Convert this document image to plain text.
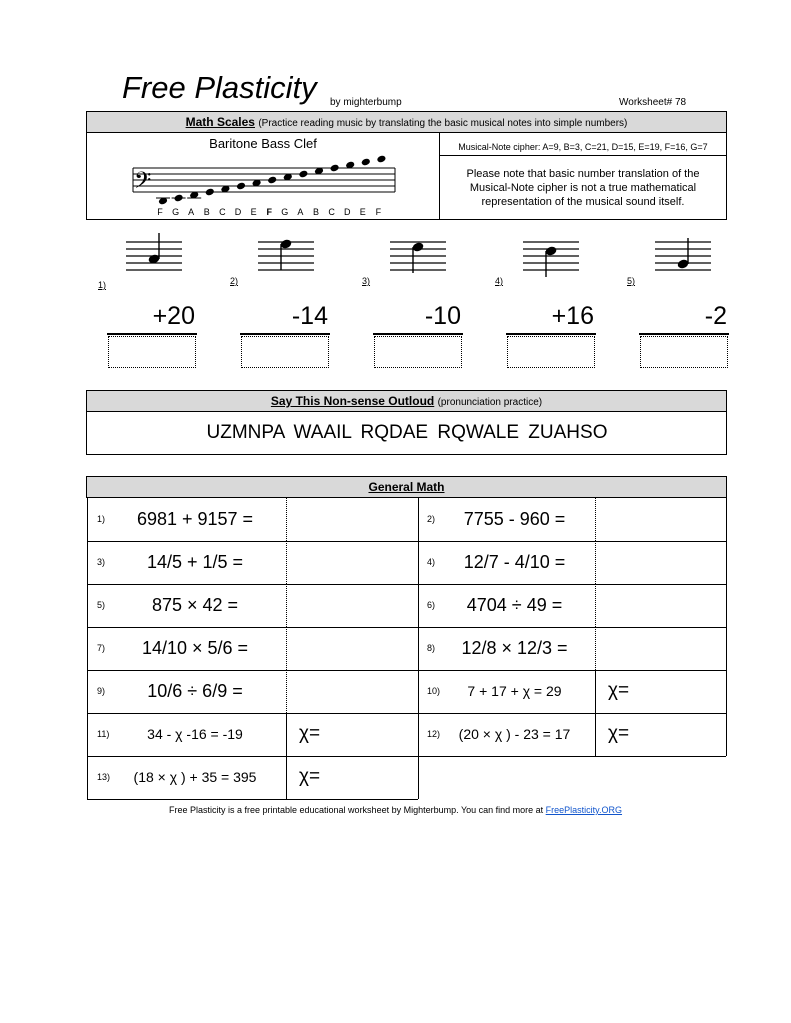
Free Plasticity by mighterbump	Worksheet# 78
Math Scales (Practice reading music by translating the basic musical notes into simple numbers)
Baritone Bass Clef	Musical-Note cipher: A=9, B=3, C=21, D=15, E=19, F=16, G=7
Please note that basic number translation of the Musical-Note cipher is not a true mathematical representation of the musical sound itself.
𝄢
F G A B C D E F G A B C D E F
1)
+20
2)
-14
3)
-10
4)
+16
5)
-2
Say This Non-sense Outloud (pronunciation practice)
UZMNPA WAAIL RQDAE RQWALE ZUAHSO
General Math
1)	6981 + 9157 =	2)	7755 - 960 =
3)	14/5 + 1/5 =	4)	12/7 - 4/10 =
5)	875 × 42 =	6)	4704 ÷ 49 =
7)	14/10 × 5/6 =	8)	12/8 × 12/3 =
9)	10/6 ÷ 6/9 =	10)	7 + 17 + χ = 29	χ=
11)	34 - χ -16 = -19	χ=	12)	(20 × χ ) - 23 = 17	χ=
13)	(18 × χ ) + 35 = 395	χ=
Free Plasticity is a free printable educational worksheet by Mighterbump. You can find more at FreePlasticity.ORG
